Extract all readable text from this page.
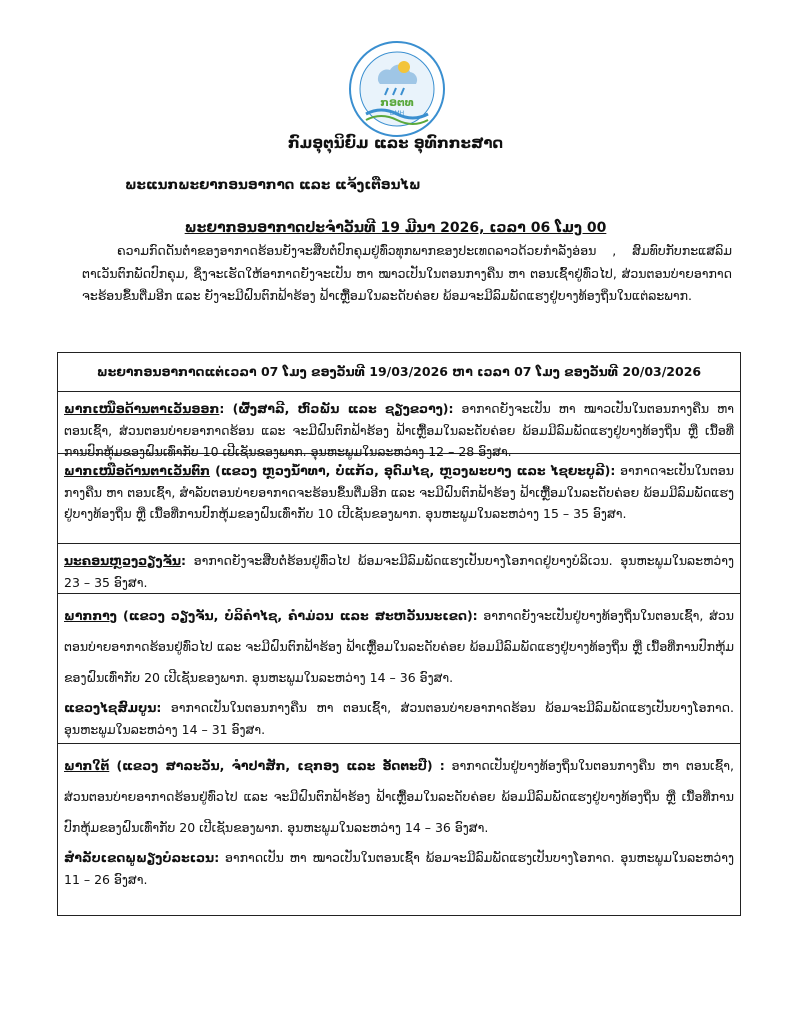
ກອຕທ
DMH
ກົມອຸຕຸນິຍົມ ແລະ ອຸທົກກະສາດ
ພະແນກພະຍາກອນອາກາດ ແລະ ແຈ້ງເຕືອນໄພ
ພະຍາກອນອາກາດປະຈຳວັນທີ 19 ມີນາ 2026, ເວລາ 06 ໂມງ 00
ຄວາມກົດດັນຕ່ຳຂອງອາກາດຮ້ອນຍັງຈະສືບຕໍ່ປົກຄຸມຢູ່ທົ່ວທຸກພາກຂອງປະເທດລາວດ້ວຍກຳລັງອ່ອນ , ສົມທົບກັບກະແສລົມຕາເວັນຕົກພັດປົກຄຸມ, ຊຶ່ງຈະເຮັດໃຫ້ອາກາດຍັງຈະເປັນ ຫາ ໝາວເປັນໃນຕອນກາງຄືນ ຫາ ຕອນເຊົ້າຢູ່ທົ່ວໄປ, ສ່ວນຕອນບ່າຍອາກາດຈະຮ້ອນຂຶ້ນຕື່ມອີກ ແລະ ຍັງຈະມີຝົນຕົກຟ້າຮ້ອງ ຟ້າເຫຼື້ອມໃນລະດັບຄ່ອຍ ພ້ອມຈະມີລົມພັດແຮງຢູ່ບາງທ້ອງຖິ່ນໃນແຕ່ລະພາກ.
ພະຍາກອນອາກາດແຕ່ເວລາ 07 ໂມງ ຂອງວັນທີ 19/03/2026 ຫາ ເວລາ 07 ໂມງ ຂອງວັນທີ 20/03/2026
ພາກເໜືອດ້ານຕາເວັນອອກ: (ຜົ້ງສາລີ, ຫົວພັນ ແລະ ຊຽງຂວາງ): ອາກາດຍັງຈະເປັນ ຫາ ໝາວເປັນໃນຕອນກາງຄືນ ຫາ ຕອນເຊົ້າ, ສ່ວນຕອນບ່າຍອາກາດຮ້ອນ ແລະ ຈະມີຝົນຕົກຟ້າຮ້ອງ ຟ້າເຫຼື້ອມໃນລະດັບຄ່ອຍ ພ້ອມມີລົມພັດແຮງຢູ່ບາງທ້ອງຖິ່ນ ຫຼື ເນື້ອທີ່ການປົກຫຸ້ມຂອງຝົນເທົ່າກັບ 10 ເປີເຊັນຂອງພາກ. ອຸນຫະພູມໃນລະຫວ່າງ 12 – 28 ອົງສາ.
ພາກເໜືອດ້ານຕາເວັນຕົກ (ແຂວງ ຫຼວງນ້ຳທາ, ບໍ່ແກ້ວ, ອຸດົມໄຊ, ຫຼວງພະບາງ ແລະ ໄຊຍະບູລີ): ອາກາດຈະເປັນໃນຕອນກາງຄືນ ຫາ ຕອນເຊົ້າ, ສຳລັບຕອນບ່າຍອາກາດຈະຮ້ອນຂຶ້ນຕື່ມອີກ ແລະ ຈະມີຝົນຕົກຟ້າຮ້ອງ ຟ້າເຫຼື້ອມໃນລະດັບຄ່ອຍ ພ້ອມມີລົມພັດແຮງຢູ່ບາງທ້ອງຖິ່ນ ຫຼື ເນື້ອທີ່ການປົກຫຸ້ມຂອງຝົນເທົ່າກັບ 10 ເປີເຊັນຂອງພາກ. ອຸນຫະພູມໃນລະຫວ່າງ 15 – 35 ອົງສາ.
ນະຄອນຫຼວງວຽງຈັນ: ອາກາດຍັງຈະສືບຕໍ່ຮ້ອນຢູ່ທົ່ວໄປ ພ້ອມຈະມີລົມພັດແຮງເປັນບາງໂອກາດຢູ່ບາງບໍລິເວນ. ອຸນຫະພູມໃນລະຫວ່າງ 23 – 35 ອົງສາ.
ພາກກາງ (ແຂວງ ວຽງຈັນ, ບໍລິຄຳໄຊ, ຄຳມ່ວນ ແລະ ສະຫວັນນະເຂດ): ອາກາດຍັງຈະເປັນຢູ່ບາງທ້ອງຖິ່ນໃນຕອນເຊົ້າ, ສ່ວນຕອນບ່າຍອາກາດຮ້ອນຢູ່ທົ່ວໄປ ແລະ ຈະມີຝົນຕົກຟ້າຮ້ອງ ຟ້າເຫຼື້ອມໃນລະດັບຄ່ອຍ ພ້ອມມີລົມພັດແຮງຢູ່ບາງທ້ອງຖິ່ນ ຫຼື ເນື້ອທີ່ການປົກຫຸ້ມຂອງຝົນເທົ່າກັບ 20 ເປີເຊັນຂອງພາກ. ອຸນຫະພູມໃນລະຫວ່າງ 14 – 36 ອົງສາ.
ແຂວງໄຊສົມບູນ: ອາກາດເປັນໃນຕອນກາງຄືນ ຫາ ຕອນເຊົ້າ, ສ່ວນຕອນບ່າຍອາກາດຮ້ອນ ພ້ອມຈະມີລົມພັດແຮງເປັນບາງໂອກາດ. ອຸນຫະພູມໃນລະຫວ່າງ 14 – 31 ອົງສາ.
ພາກໃຕ້ (ແຂວງ ສາລະວັນ, ຈຳປາສັກ, ເຊກອງ ແລະ ອັດຕະປື) : ອາກາດເປັນຢູ່ບາງທ້ອງຖິ່ນໃນຕອນກາງຄືນ ຫາ ຕອນເຊົ້າ, ສ່ວນຕອນບ່າຍອາກາດຮ້ອນຢູ່ທົ່ວໄປ ແລະ ຈະມີຝົນຕົກຟ້າຮ້ອງ ຟ້າເຫຼື້ອມໃນລະດັບຄ່ອຍ ພ້ອມມີລົມພັດແຮງຢູ່ບາງທ້ອງຖິ່ນ ຫຼື ເນື້ອທີ່ການປົກຫຸ້ມຂອງຝົນເທົ່າກັບ 20 ເປີເຊັນຂອງພາກ. ອຸນຫະພູມໃນລະຫວ່າງ 14 – 36 ອົງສາ.
ສຳລັບເຂດພູພຽງບໍລະເວນ: ອາກາດເປັນ ຫາ ໝາວເປັນໃນຕອນເຊົ້າ ພ້ອມຈະມີລົມພັດແຮງເປັນບາງໂອກາດ. ອຸນຫະພູມໃນລະຫວ່າງ 11 – 26 ອົງສາ.
